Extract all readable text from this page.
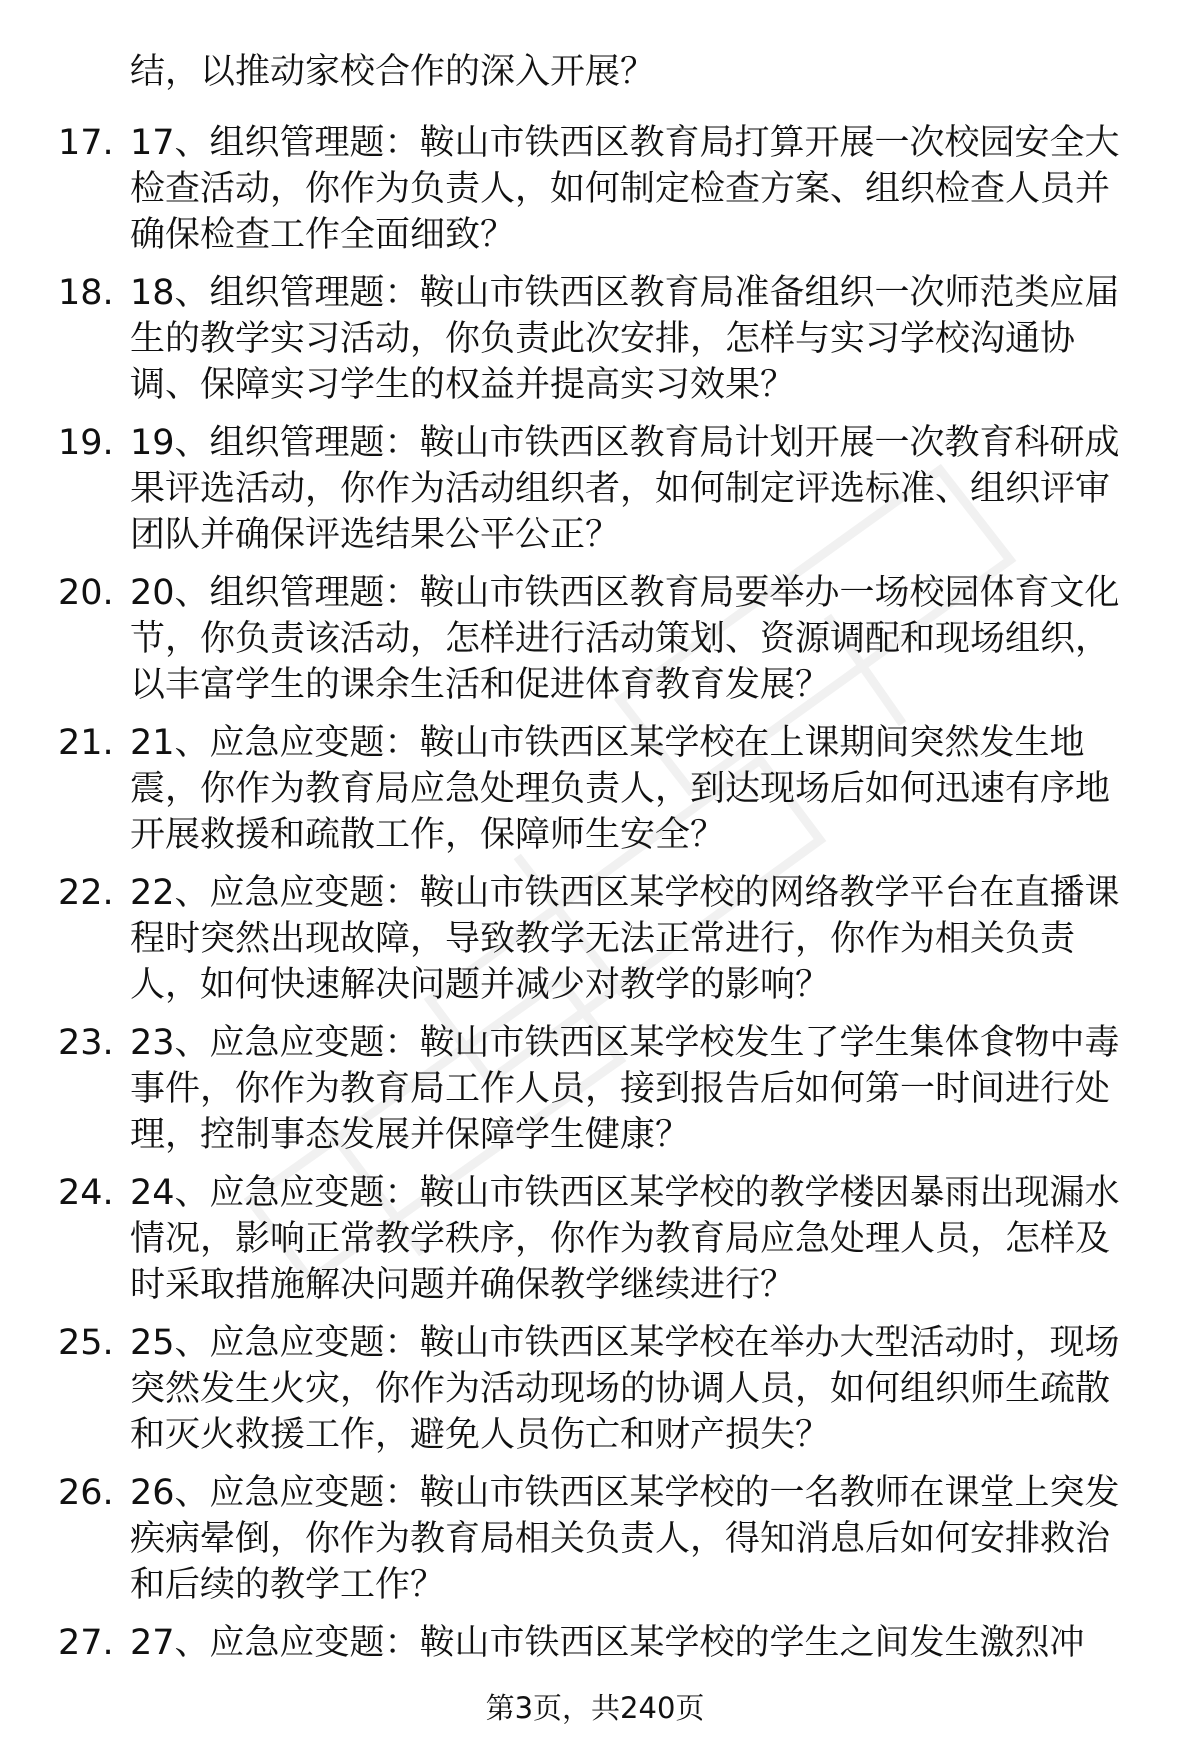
结，以推动家校合作的深入开展？
17. 17、组织管理题：鞍山市铁西区教育局打算开展一次校园安全大
检查活动，你作为负责人，如何制定检查方案、组织检查人员并
确保检查工作全面细致？
18. 18、组织管理题：鞍山市铁西区教育局准备组织一次师范类应届
生的教学实习活动，你负责此次安排，怎样与实习学校沟通协
调、保障实习学生的权益并提高实习效果？
19. 19、组织管理题：鞍山市铁西区教育局计划开展一次教育科研成
果评选活动，你作为活动组织者，如何制定评选标准、组织评审
团队并确保评选结果公平公正？
20. 20、组织管理题：鞍山市铁西区教育局要举办一场校园体育文化
节，你负责该活动，怎样进行活动策划、资源调配和现场组织，
以丰富学生的课余生活和促进体育教育发展？
21. 21、应急应变题：鞍山市铁西区某学校在上课期间突然发生地
震，你作为教育局应急处理负责人，到达现场后如何迅速有序地
开展救援和疏散工作，保障师生安全？
22. 22、应急应变题：鞍山市铁西区某学校的网络教学平台在直播课
程时突然出现故障，导致教学无法正常进行，你作为相关负责
人，如何快速解决问题并减少对教学的影响？
23. 23、应急应变题：鞍山市铁西区某学校发生了学生集体食物中毒
事件，你作为教育局工作人员，接到报告后如何第一时间进行处
理，控制事态发展并保障学生健康？
24. 24、应急应变题：鞍山市铁西区某学校的教学楼因暴雨出现漏水
情况，影响正常教学秩序，你作为教育局应急处理人员，怎样及
时采取措施解决问题并确保教学继续进行？
25. 25、应急应变题：鞍山市铁西区某学校在举办大型活动时，现场
突然发生火灾，你作为活动现场的协调人员，如何组织师生疏散
和灭火救援工作，避免人员伤亡和财产损失？
26. 26、应急应变题：鞍山市铁西区某学校的一名教师在课堂上突发
疾病晕倒，你作为教育局相关负责人，得知消息后如何安排救治
和后续的教学工作？
27. 27、应急应变题：鞍山市铁西区某学校的学生之间发生激烈冲
第3页，共240页
